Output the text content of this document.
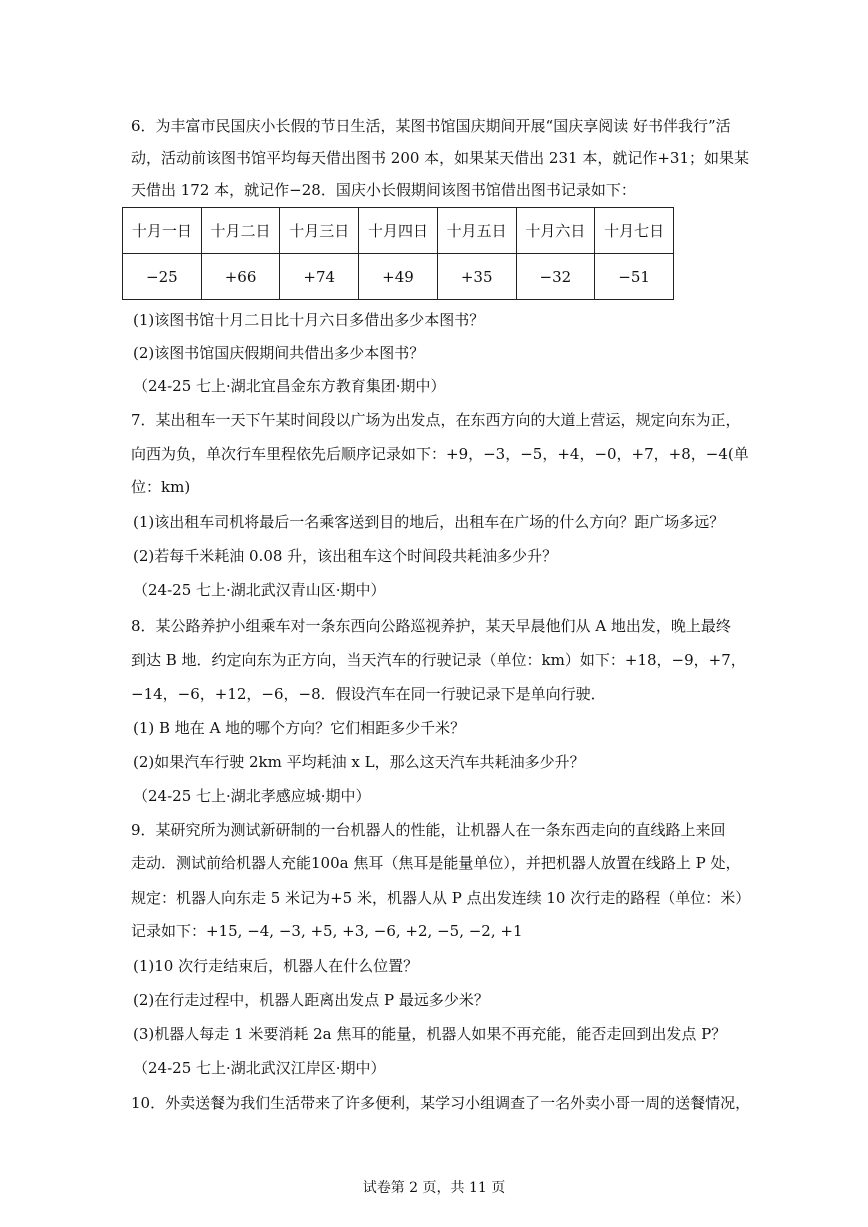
6．为丰富市民国庆小长假的节日生活，某图书馆国庆期间开展“国庆享阅读 好书伴我行”活
动，活动前该图书馆平均每天借出图书 200 本，如果某天借出 231 本，就记作+31；如果某
天借出 172 本，就记作−28．国庆小长假期间该图书馆借出图书记录如下：
十月一日	十月二日	十月三日	十月四日	十月五日	十月六日	十月七日
−25	+66	+74	+49	+35	−32	−51
(1)该图书馆十月二日比十月六日多借出多少本图书？
(2)该图书馆国庆假期间共借出多少本图书？
（24-25 七上·湖北宜昌金东方教育集团·期中）
7．某出租车一天下午某时间段以广场为出发点，在东西方向的大道上营运，规定向东为正，
向西为负，单次行车里程依先后顺序记录如下：+9，−3，−5，+4，−0，+7，+8，−4(单
位：km)
(1)该出租车司机将最后一名乘客送到目的地后，出租车在广场的什么方向？距广场多远？
(2)若每千米耗油 0.08 升，该出租车这个时间段共耗油多少升？
（24-25 七上·湖北武汉青山区·期中）
8．某公路养护小组乘车对一条东西向公路巡视养护，某天早晨他们从 A 地出发，晚上最终
到达 B 地．约定向东为正方向，当天汽车的行驶记录（单位：km）如下：+18，−9，+7，
−14，−6，+12，−6，−8．假设汽车在同一行驶记录下是单向行驶．
(1) B 地在 A 地的哪个方向？它们相距多少千米？
(2)如果汽车行驶 2km 平均耗油 x L，那么这天汽车共耗油多少升？
（24-25 七上·湖北孝感应城·期中）
9．某研究所为测试新研制的一台机器人的性能，让机器人在一条东西走向的直线路上来回
走动．测试前给机器人充能100a 焦耳（焦耳是能量单位），并把机器人放置在线路上 P 处，
规定：机器人向东走 5 米记为+5 米，机器人从 P 点出发连续 10 次行走的路程（单位：米）
记录如下：+15, −4, −3, +5, +3, −6, +2, −5, −2, +1
(1)10 次行走结束后，机器人在什么位置？
(2)在行走过程中，机器人距离出发点 P 最远多少米？
(3)机器人每走 1 米要消耗 2a 焦耳的能量，机器人如果不再充能，能否走回到出发点 P？
（24-25 七上·湖北武汉江岸区·期中）
10．外卖送餐为我们生活带来了许多便利，某学习小组调查了一名外卖小哥一周的送餐情况，
试卷第 2 页，共 11 页
